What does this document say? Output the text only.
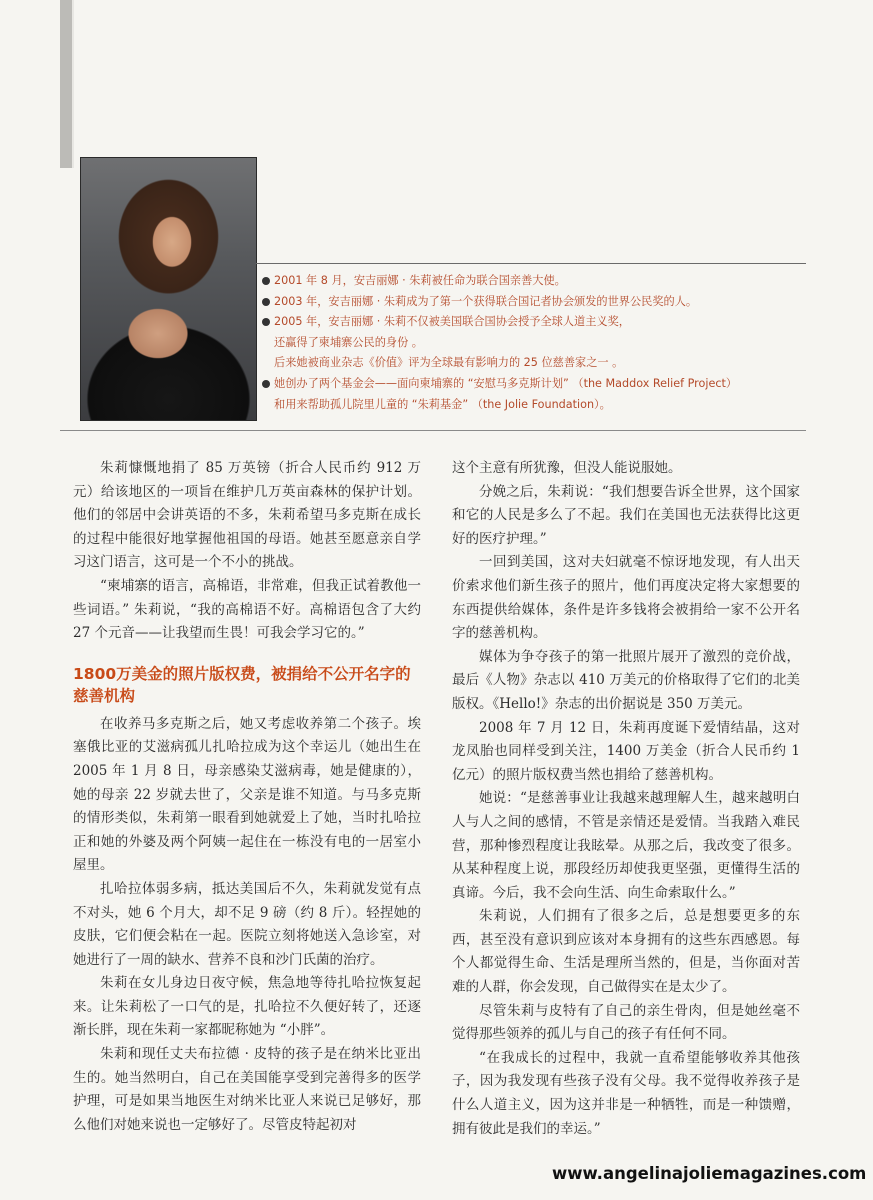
2001 年 8 月，安吉丽娜 · 朱莉被任命为联合国亲善大使。
2003 年，安吉丽娜 · 朱莉成为了第一个获得联合国记者协会颁发的世界公民奖的人。
2005 年，安吉丽娜 · 朱莉不仅被美国联合国协会授予全球人道主义奖，
还赢得了柬埔寨公民的身份 。
后来她被商业杂志《价值》评为全球最有影响力的 25 位慈善家之一 。
她创办了两个基金会——面向柬埔寨的 “安慰马多克斯计划” （the Maddox Relief Project）
和用来帮助孤儿院里儿童的 “朱莉基金” （the Jolie Foundation）。

朱莉慷慨地捐了 85 万英镑（折合人民币约 912 万元）给该地区的一项旨在维护几万英亩森林的保护计划。他们的邻居中会讲英语的不多，朱莉希望马多克斯在成长的过程中能很好地掌握他祖国的母语。她甚至愿意亲自学习这门语言，这可是一个不小的挑战。

“柬埔寨的语言，高棉语，非常难，但我正试着教他一些词语。” 朱莉说，“我的高棉语不好。高棉语包含了大约 27 个元音——让我望而生畏！可我会学习它的。”

1800万美金的照片版权费，被捐给不公开名字的慈善机构

在收养马多克斯之后，她又考虑收养第二个孩子。埃塞俄比亚的艾滋病孤儿扎哈拉成为这个幸运儿（她出生在 2005 年 1 月 8 日，母亲感染艾滋病毒，她是健康的），她的母亲 22 岁就去世了，父亲是谁不知道。与马多克斯的情形类似，朱莉第一眼看到她就爱上了她，当时扎哈拉正和她的外婆及两个阿姨一起住在一栋没有电的一居室小屋里。

扎哈拉体弱多病，抵达美国后不久，朱莉就发觉有点不对头，她 6 个月大，却不足 9 磅（约 8 斤）。轻捏她的皮肤，它们便会粘在一起。医院立刻将她送入急诊室，对她进行了一周的缺水、营养不良和沙门氏菌的治疗。

朱莉在女儿身边日夜守候，焦急地等待扎哈拉恢复起来。让朱莉松了一口气的是，扎哈拉不久便好转了，还逐渐长胖，现在朱莉一家都昵称她为 “小胖”。

朱莉和现任丈夫布拉德 · 皮特的孩子是在纳米比亚出生的。她当然明白，自己在美国能享受到完善得多的医学护理，可是如果当地医生对纳米比亚人来说已足够好，那么他们对她来说也一定够好了。尽管皮特起初对

这个主意有所犹豫，但没人能说服她。

分娩之后，朱莉说：“我们想要告诉全世界，这个国家和它的人民是多么了不起。我们在美国也无法获得比这更好的医疗护理。”

一回到美国，这对夫妇就毫不惊讶地发现，有人出天价索求他们新生孩子的照片，他们再度决定将大家想要的东西提供给媒体，条件是许多钱将会被捐给一家不公开名字的慈善机构。

媒体为争夺孩子的第一批照片展开了激烈的竞价战，最后《人物》杂志以 410 万美元的价格取得了它们的北美版权。《Hello!》杂志的出价据说是 350 万美元。

2008 年 7 月 12 日，朱莉再度诞下爱情结晶，这对龙凤胎也同样受到关注，1400 万美金（折合人民币约 1 亿元）的照片版权费当然也捐给了慈善机构。

她说：“是慈善事业让我越来越理解人生，越来越明白人与人之间的感情，不管是亲情还是爱情。当我踏入难民营，那种惨烈程度让我眩晕。从那之后，我改变了很多。从某种程度上说，那段经历却使我更坚强，更懂得生活的真谛。今后，我不会向生活、向生命索取什么。”

朱莉说，人们拥有了很多之后，总是想要更多的东西，甚至没有意识到应该对本身拥有的这些东西感恩。每个人都觉得生命、生活是理所当然的，但是，当你面对苦难的人群，你会发现，自己做得实在是太少了。

尽管朱莉与皮特有了自己的亲生骨肉，但是她丝毫不觉得那些领养的孤儿与自己的孩子有任何不同。

“在我成长的过程中，我就一直希望能够收养其他孩子，因为我发现有些孩子没有父母。我不觉得收养孩子是什么人道主义，因为这并非是一种牺牲，而是一种馈赠，拥有彼此是我们的幸运。”

www.angelinajoliemagazines.com
